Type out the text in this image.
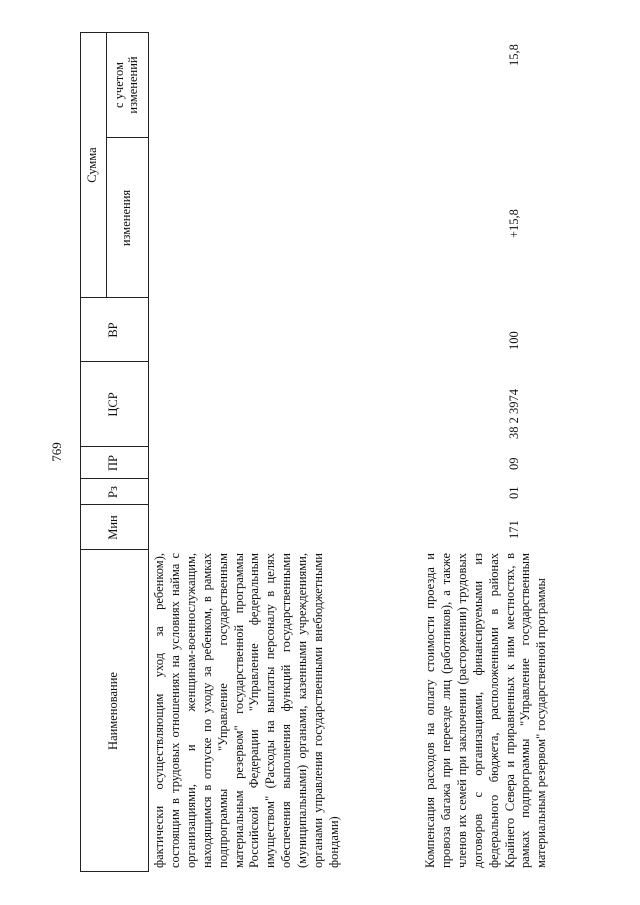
769
Наименование
Мин
Рз
ПР
ЦСР
ВР
Сумма
изменения
с учетом изменений
фактически осуществляющим уход за ребенком), состоящим в трудовых отношениях на условиях найма с организациями, и женщинам-военнослужащим, находящимся в отпуске по уходу за ребенком, в рамках подпрограммы "Управление государственным материальным резервом" государственной программы Российской Федерации "Управление федеральным имуществом" (Расходы на выплаты персоналу в целях обеспечения выполнения функций государственными (муниципальными) органами, казенными учреждениями, органами управления государственными внебюджетными фондами)	Компенсация расходов на оплату стоимости проезда и провоза багажа при переезде лиц (работников), а также членов их семей при заключении (расторжении) трудовых договоров с организациями, финансируемыми из федерального бюджета, расположенными в районах Крайнего Севера и приравненных к ним местностях, в рамках подпрограммы "Управление государственным материальным резервом" государственной программы
171
01
09
38 2 3974
100
+15,8
15,8
